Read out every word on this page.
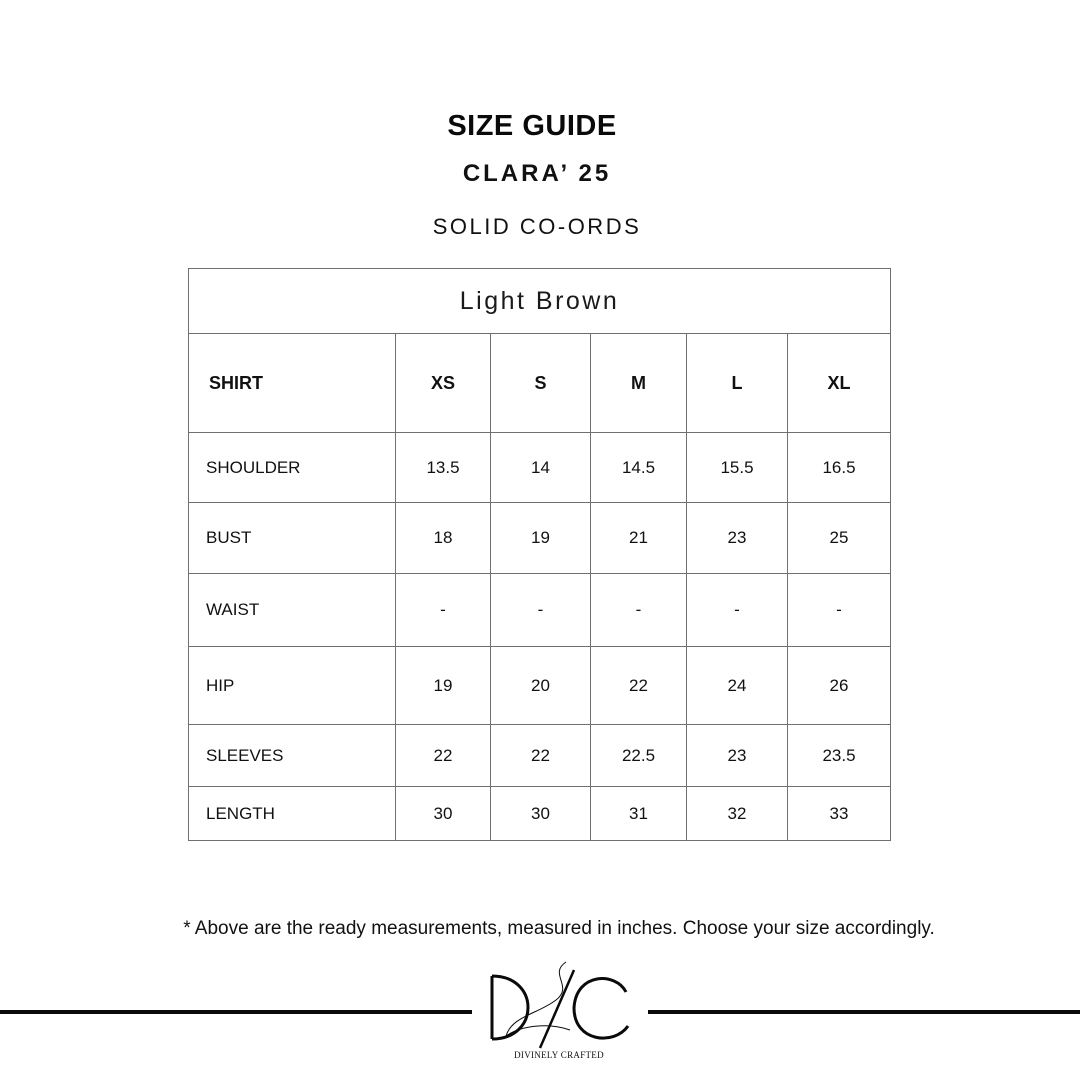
SIZE GUIDE
CLARA’ 25
SOLID CO-ORDS
Light Brown					
SHIRT	XS	S	M	L	XL
SHOULDER	13.5	14	14.5	15.5	16.5
BUST	18	19	21	23	25
WAIST	-	-	-	-	-
HIP	19	20	22	24	26
SLEEVES	22	22	22.5	23	23.5
LENGTH	30	30	31	32	33
* Above are the ready measurements, measured in inches. Choose your size accordingly.
DIVINELY CRAFTED
